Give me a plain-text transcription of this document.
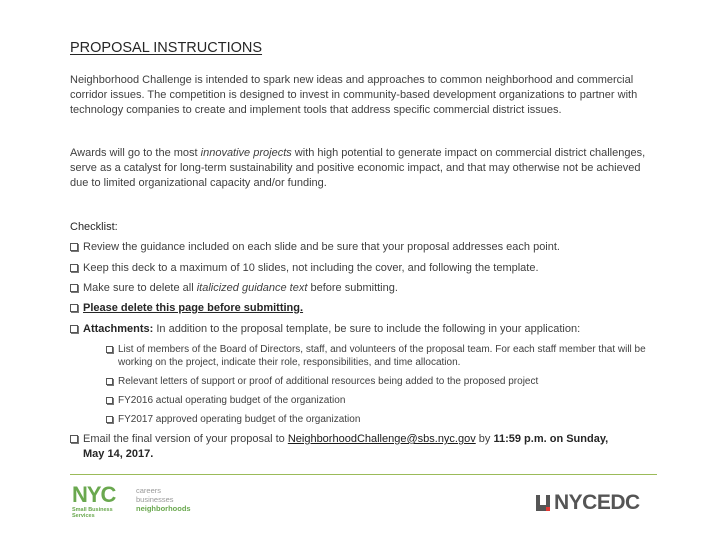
PROPOSAL INSTRUCTIONS
Neighborhood Challenge is intended to spark new ideas and approaches to common neighborhood and commercial corridor issues. The competition is designed to invest in community-based development organizations to partner with technology companies to create and implement tools that address specific commercial district issues.
Awards will go to the most innovative projects with high potential to generate impact on commercial district challenges, serve as a catalyst for long-term sustainability and positive economic impact, and that may otherwise not be achieved due to limited organizational capacity and/or funding.
Checklist:
Review the guidance included on each slide and be sure that your proposal addresses each point.
Keep this deck to a maximum of 10 slides, not including the cover, and following the template.
Make sure to delete all italicized guidance text before submitting.
Please delete this page before submitting.
Attachments: In addition to the proposal template, be sure to include the following in your application:
List of members of the Board of Directors, staff, and volunteers of the proposal team. For each staff member that will be working on the project, indicate their role, responsibilities, and time allocation.
Relevant letters of support or proof of additional resources being added to the proposed project
FY2016 actual operating budget of the organization
FY2017 approved operating budget of the organization
Email the final version of your proposal to NeighborhoodChallenge@sbs.nyc.gov by 11:59 p.m. on Sunday, May 14, 2017.
NYC
Small Business Services
careers
businesses
neighborhoods	NYCEDC
